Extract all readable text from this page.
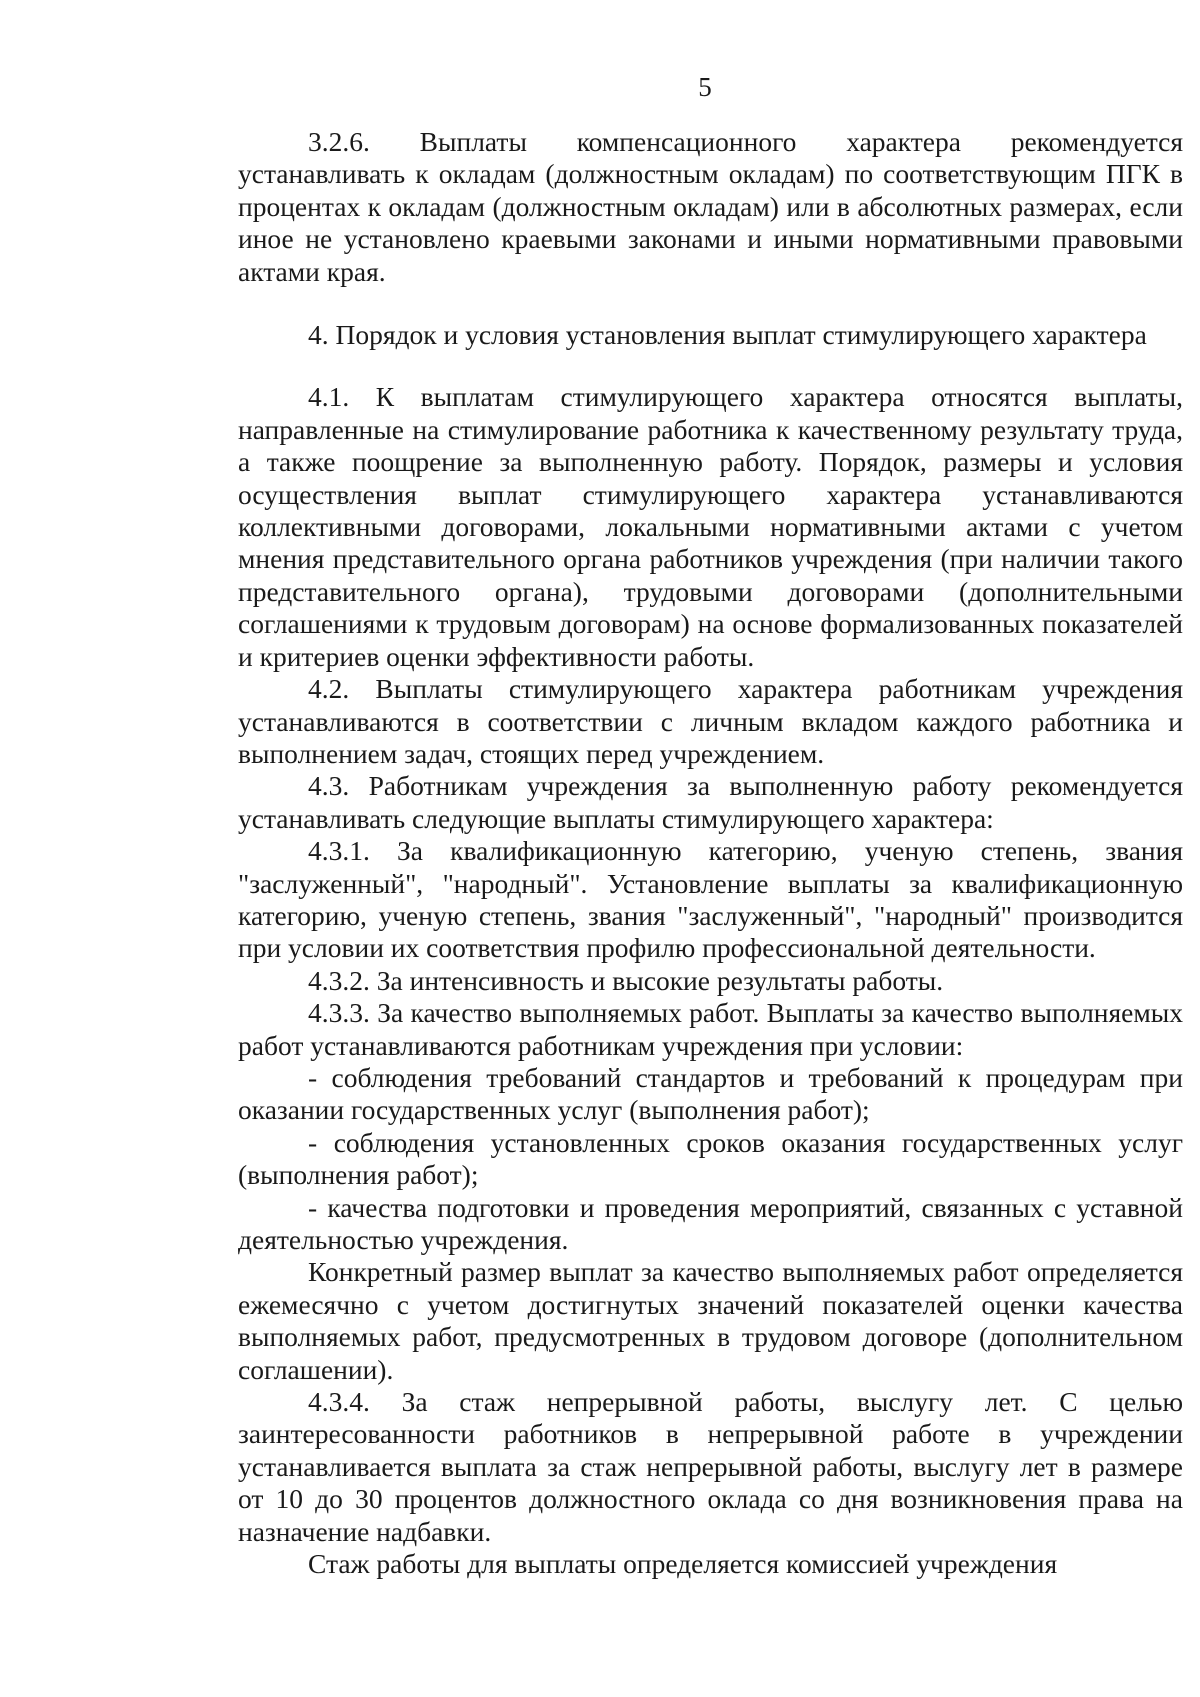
5

3.2.6. Выплаты компенсационного характера рекомендуется устанавливать к окладам (должностным окладам) по соответствующим ПГК в процентах к окладам (должностным окладам) или в абсолютных размерах, если иное не установлено краевыми законами и иными нормативными правовыми актами края.

4. Порядок и условия установления выплат стимулирующего характера

4.1. К выплатам стимулирующего характера относятся выплаты, направленные на стимулирование работника к качественному результату труда, а также поощрение за выполненную работу. Порядок, размеры и условия осуществления выплат стимулирующего характера устанавливаются коллективными договорами, локальными нормативными актами с учетом мнения представительного органа работников учреждения (при наличии такого представительного органа), трудовыми договорами (дополнительными соглашениями к трудовым договорам) на основе формализованных показателей и критериев оценки эффективности работы.

4.2. Выплаты стимулирующего характера работникам учреждения устанавливаются в соответствии с личным вкладом каждого работника и выполнением задач, стоящих перед учреждением.

4.3. Работникам учреждения за выполненную работу рекомендуется устанавливать следующие выплаты стимулирующего характера:

4.3.1. За квалификационную категорию, ученую степень, звания "заслуженный", "народный". Установление выплаты за квалификационную категорию, ученую степень, звания "заслуженный", "народный" производится при условии их соответствия профилю профессиональной деятельности.

4.3.2. За интенсивность и высокие результаты работы.

4.3.3. За качество выполняемых работ. Выплаты за качество выполняемых работ устанавливаются работникам учреждения при условии:

- соблюдения требований стандартов и требований к процедурам при оказании государственных услуг (выполнения работ);

- соблюдения установленных сроков оказания государственных услуг (выполнения работ);

- качества подготовки и проведения мероприятий, связанных с уставной деятельностью учреждения.

Конкретный размер выплат за качество выполняемых работ определяется ежемесячно с учетом достигнутых значений показателей оценки качества выполняемых работ, предусмотренных в трудовом договоре (дополнительном соглашении).

4.3.4. За стаж непрерывной работы, выслугу лет. С целью заинтересованности работников в непрерывной работе в учреждении устанавливается выплата за стаж непрерывной работы, выслугу лет в размере от 10 до 30 процентов должностного оклада со дня возникновения права на назначение надбавки.

Стаж работы для выплаты определяется комиссией учреждения
